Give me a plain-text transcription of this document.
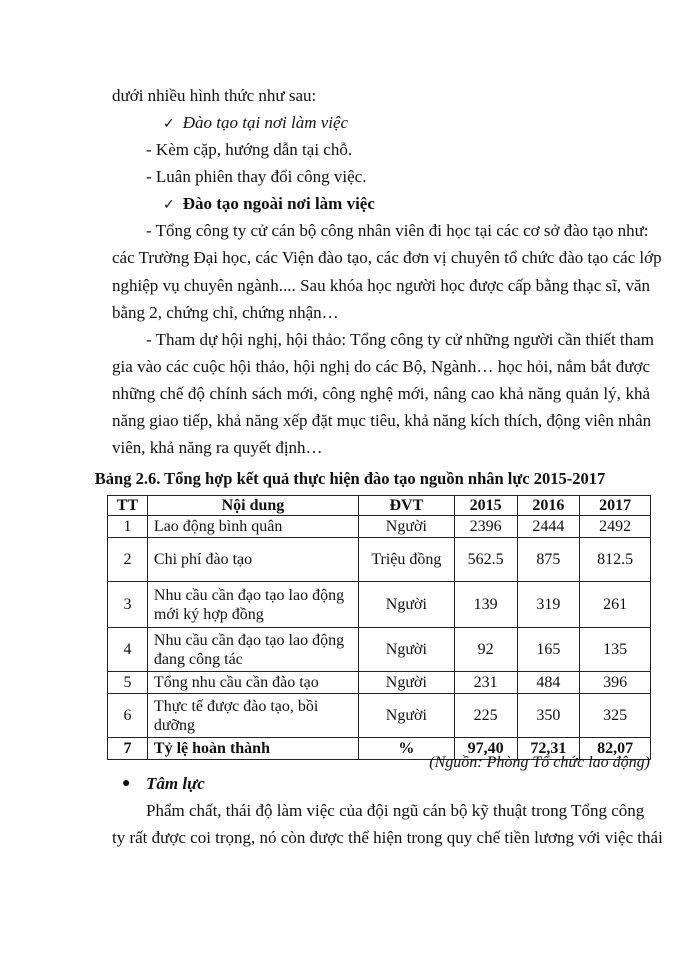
dưới nhiều hình thức như sau:
✓ Đào tạo tại nơi làm việc
- Kèm cặp, hướng dẫn tại chỗ.
- Luân phiên thay đổi công việc.
✓ Đào tạo ngoài nơi làm việc
- Tổng công ty cử cán bộ công nhân viên đi học tại các cơ sở đào tạo như:
các Trường Đại học, các Viện đào tạo, các đơn vị chuyên tổ chức đào tạo các lớp
nghiệp vụ chuyên ngành.... Sau khóa học người học được cấp bằng thạc sĩ, văn
bằng 2, chứng chỉ, chứng nhận…
- Tham dự hội nghị, hội thảo: Tổng công ty cử những người cần thiết tham
gia vào các cuộc hội thảo, hội nghị do các Bộ, Ngành… học hỏi, nắm bắt được
những chế độ chính sách mới, công nghệ mới, nâng cao khả năng quản lý, khả
năng giao tiếp, khả năng xếp đặt mục tiêu, khả năng kích thích, động viên nhân
viên, khả năng ra quyết định…
Bảng 2.6. Tổng hợp kết quả thực hiện đào tạo nguồn nhân lực 2015-2017
TT	Nội dung	ĐVT	2015	2016	2017
1	Lao động bình quân	Người	2396	2444	2492
2	Chi phí đào tạo	Triệu đồng	562.5	875	812.5
3	Nhu cầu cần đạo tạo lao động mới ký hợp đồng	Người	139	319	261
4	Nhu cầu cần đạo tạo lao động đang công tác	Người	92	165	135
5	Tổng nhu cầu cần đào tạo	Người	231	484	396
6	Thực tế được đào tạo, bồi dưỡng	Người	225	350	325
7	Tỷ lệ hoàn thành	%	97,40	72,31	82,07
(Nguồn: Phòng Tổ chức lao động)
● Tâm lực
Phẩm chất, thái độ làm việc của đội ngũ cán bộ kỹ thuật trong Tổng công
ty rất được coi trọng, nó còn được thể hiện trong quy chế tiền lương với việc thái
